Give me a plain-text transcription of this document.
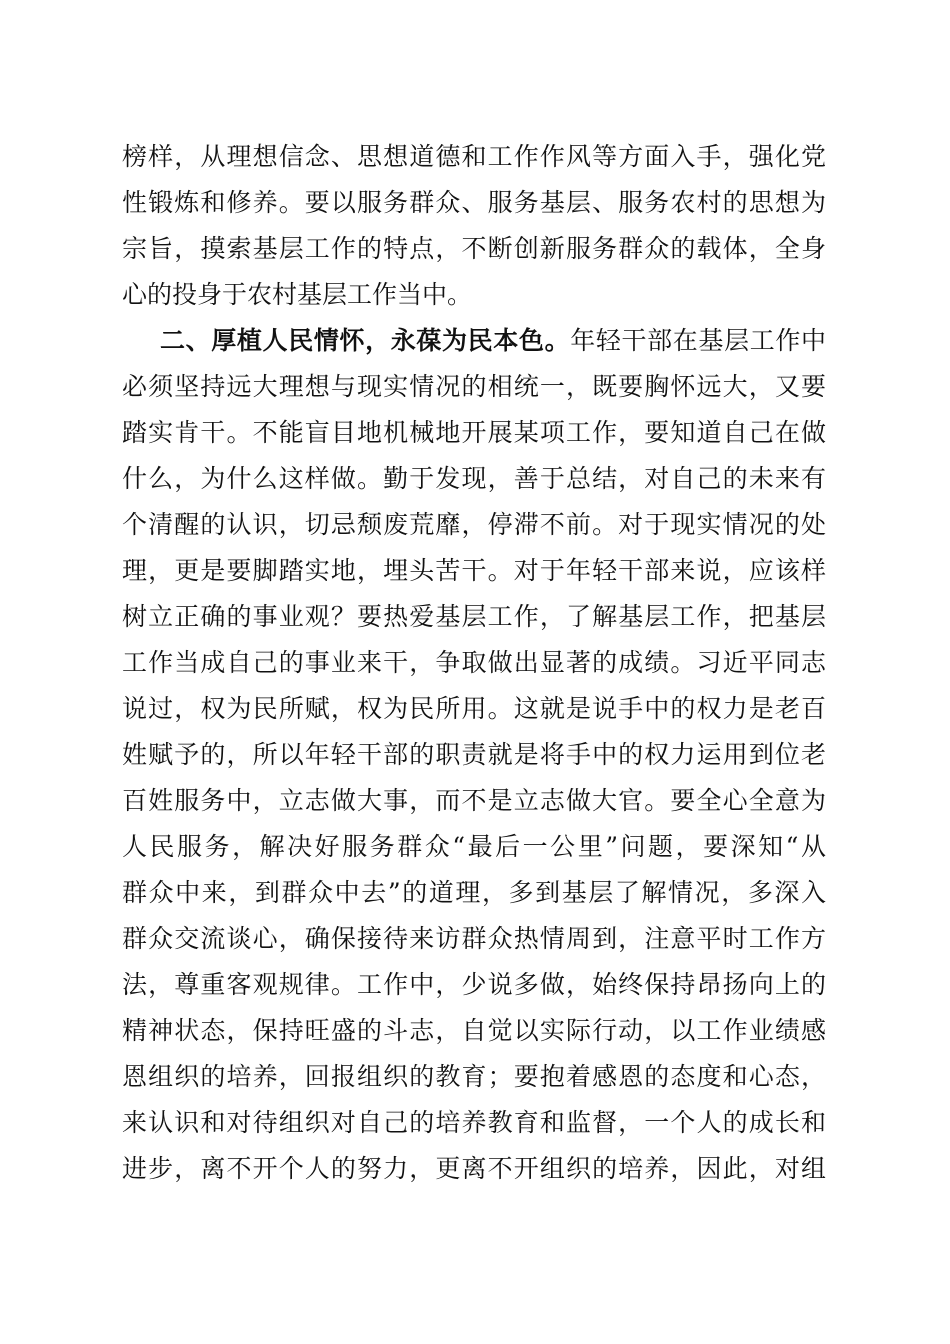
榜样，从理想信念、思想道德和工作作风等方面入手，强化党
性锻炼和修养。要以服务群众、服务基层、服务农村的思想为
宗旨，摸索基层工作的特点，不断创新服务群众的载体，全身
心的投身于农村基层工作当中。
二、厚植人民情怀，永葆为民本色。年轻干部在基层工作中
必须坚持远大理想与现实情况的相统一，既要胸怀远大，又要
踏实肯干。不能盲目地机械地开展某项工作，要知道自己在做
什么，为什么这样做。勤于发现，善于总结，对自己的未来有
个清醒的认识，切忌颓废荒靡，停滞不前。对于现实情况的处
理，更是要脚踏实地，埋头苦干。对于年轻干部来说，应该样
树立正确的事业观？要热爱基层工作，了解基层工作，把基层
工作当成自己的事业来干，争取做出显著的成绩。习近平同志
说过，权为民所赋，权为民所用。这就是说手中的权力是老百
姓赋予的，所以年轻干部的职责就是将手中的权力运用到位老
百姓服务中，立志做大事，而不是立志做大官。要全心全意为
人民服务，解决好服务群众“最后一公里”问题，要深知“从
群众中来，到群众中去”的道理，多到基层了解情况，多深入
群众交流谈心，确保接待来访群众热情周到，注意平时工作方
法，尊重客观规律。工作中，少说多做，始终保持昂扬向上的
精神状态，保持旺盛的斗志，自觉以实际行动，以工作业绩感
恩组织的培养，回报组织的教育；要抱着感恩的态度和心态，
来认识和对待组织对自己的培养教育和监督，一个人的成长和
进步，离不开个人的努力，更离不开组织的培养，因此，对组
